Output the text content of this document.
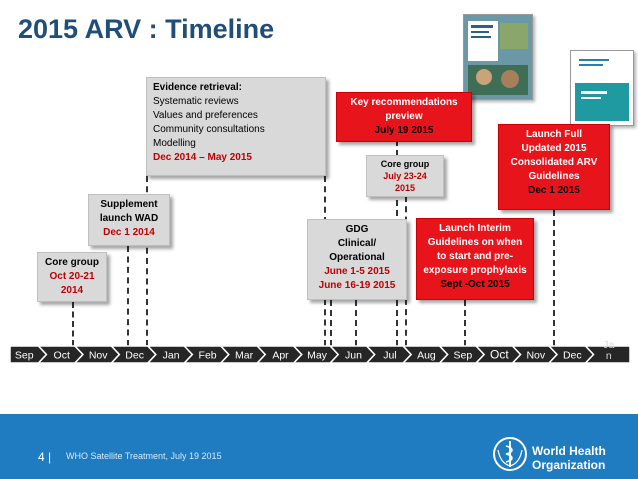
2015 ARV : Timeline
Evidence retrieval:
Systematic reviews
Values and preferences
Community consultations
Modelling
Dec 2014 – May 2015
Key recommendations
preview
July 19 2015	Launch Full
Updated 2015
Consolidated ARV
Guidelines
Dec 1 2015
Core group
July 23-24
2015
Supplement
launch WAD
Dec 1 2014	GDG
Clinical/
Operational
June 1-5 2015
June 16-19 2015
Launch Interim
Guidelines on when
to start and pre-
exposure prophylaxis
Sept -Oct 2015
Core group
Oct 20-21
2014
Sep Oct Nov Dec Jan Feb Mar Apr May Jun Jul Aug Sep Oct Nov Dec
Ja n
4 | WHO Satellite Treatment, July 19 2015	World Health
Organization
